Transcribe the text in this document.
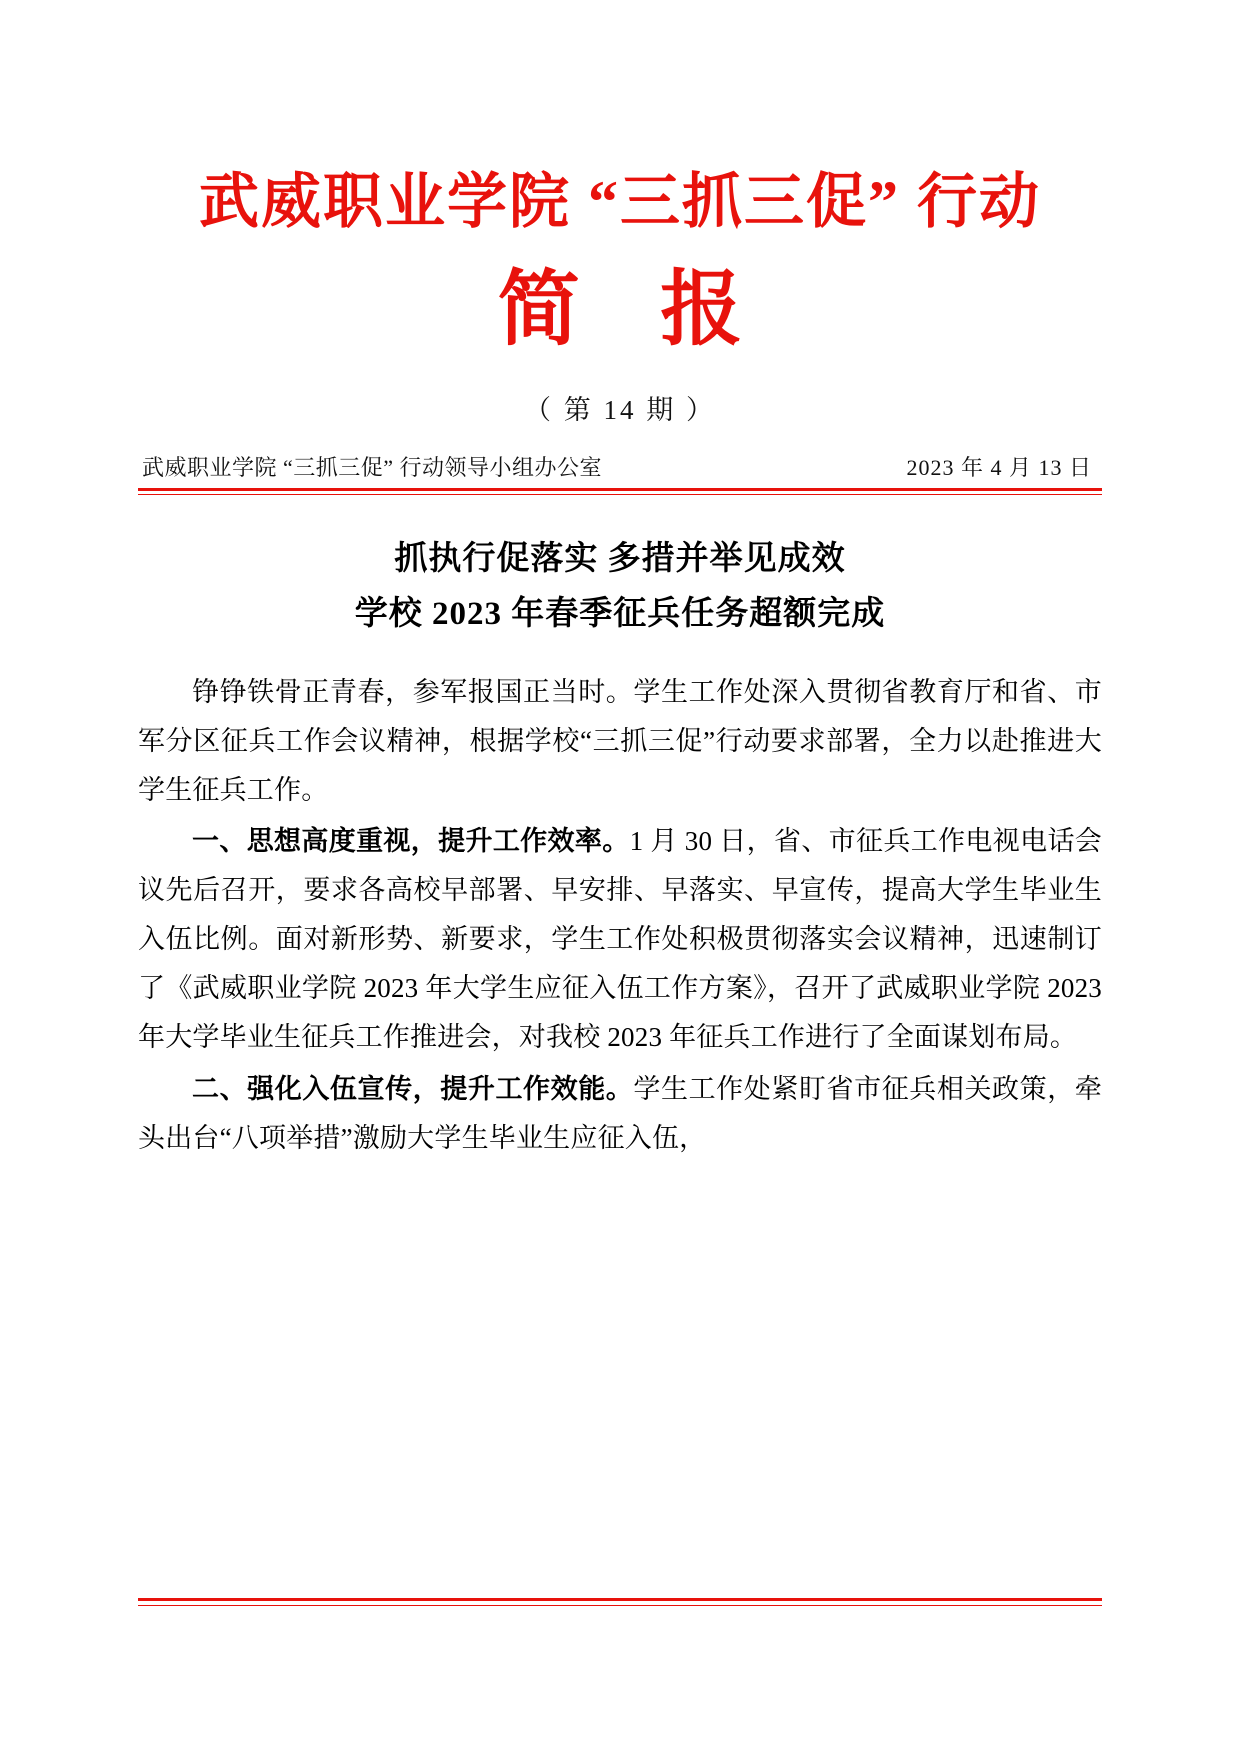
武威职业学院 “三抓三促” 行动
简 报
（ 第 14 期 ）
武威职业学院 “三抓三促” 行动领导小组办公室	2023 年 4 月 13 日
抓执行促落实 多措并举见成效
学校 2023 年春季征兵任务超额完成

铮铮铁骨正青春，参军报国正当时。学生工作处深入贯彻省教育厅和省、市军分区征兵工作会议精神，根据学校“三抓三促”行动要求部署，全力以赴推进大学生征兵工作。

一、思想高度重视，提升工作效率。1 月 30 日，省、市征兵工作电视电话会议先后召开，要求各高校早部署、早安排、早落实、早宣传，提高大学生毕业生入伍比例。面对新形势、新要求，学生工作处积极贯彻落实会议精神，迅速制订了《武威职业学院 2023 年大学生应征入伍工作方案》，召开了武威职业学院 2023 年大学毕业生征兵工作推进会，对我校 2023 年征兵工作进行了全面谋划布局。

二、强化入伍宣传，提升工作效能。学生工作处紧盯省市征兵相关政策，牵头出台“八项举措”激励大学生毕业生应征入伍，
